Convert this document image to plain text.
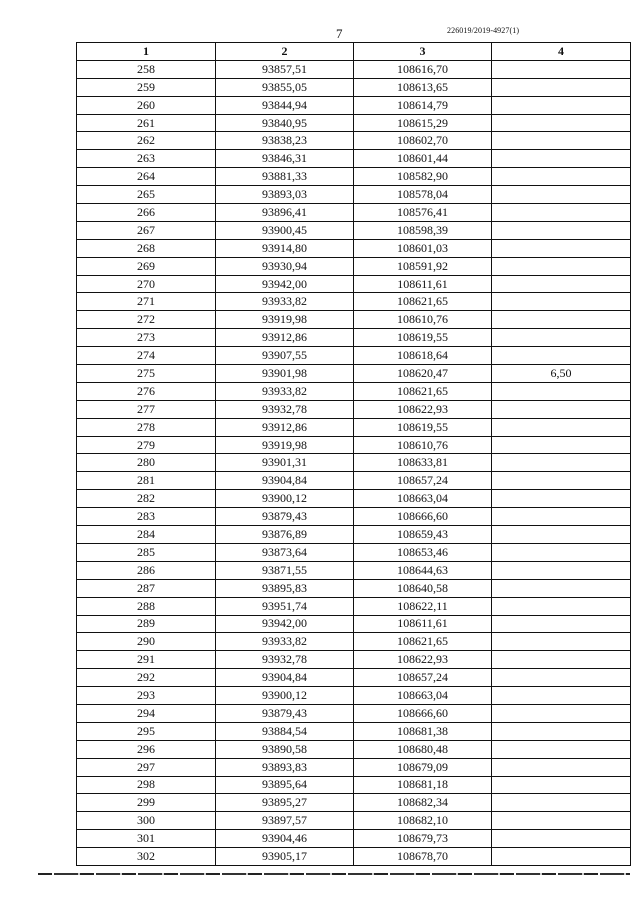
7	226019/2019-4927(1)
1	2	3	4
258	93857,51	108616,70	
259	93855,05	108613,65	
260	93844,94	108614,79	
261	93840,95	108615,29	
262	93838,23	108602,70	
263	93846,31	108601,44	
264	93881,33	108582,90	
265	93893,03	108578,04	
266	93896,41	108576,41	
267	93900,45	108598,39	
268	93914,80	108601,03	
269	93930,94	108591,92	
270	93942,00	108611,61	
271	93933,82	108621,65	
272	93919,98	108610,76	
273	93912,86	108619,55	
274	93907,55	108618,64	
275	93901,98	108620,47	6,50
276	93933,82	108621,65	
277	93932,78	108622,93	
278	93912,86	108619,55	
279	93919,98	108610,76	
280	93901,31	108633,81	
281	93904,84	108657,24	
282	93900,12	108663,04	
283	93879,43	108666,60	
284	93876,89	108659,43	
285	93873,64	108653,46	
286	93871,55	108644,63	
287	93895,83	108640,58	
288	93951,74	108622,11	
289	93942,00	108611,61	
290	93933,82	108621,65	
291	93932,78	108622,93	
292	93904,84	108657,24	
293	93900,12	108663,04	
294	93879,43	108666,60	
295	93884,54	108681,38	
296	93890,58	108680,48	
297	93893,83	108679,09	
298	93895,64	108681,18	
299	93895,27	108682,34	
300	93897,57	108682,10	
301	93904,46	108679,73	
302	93905,17	108678,70	
